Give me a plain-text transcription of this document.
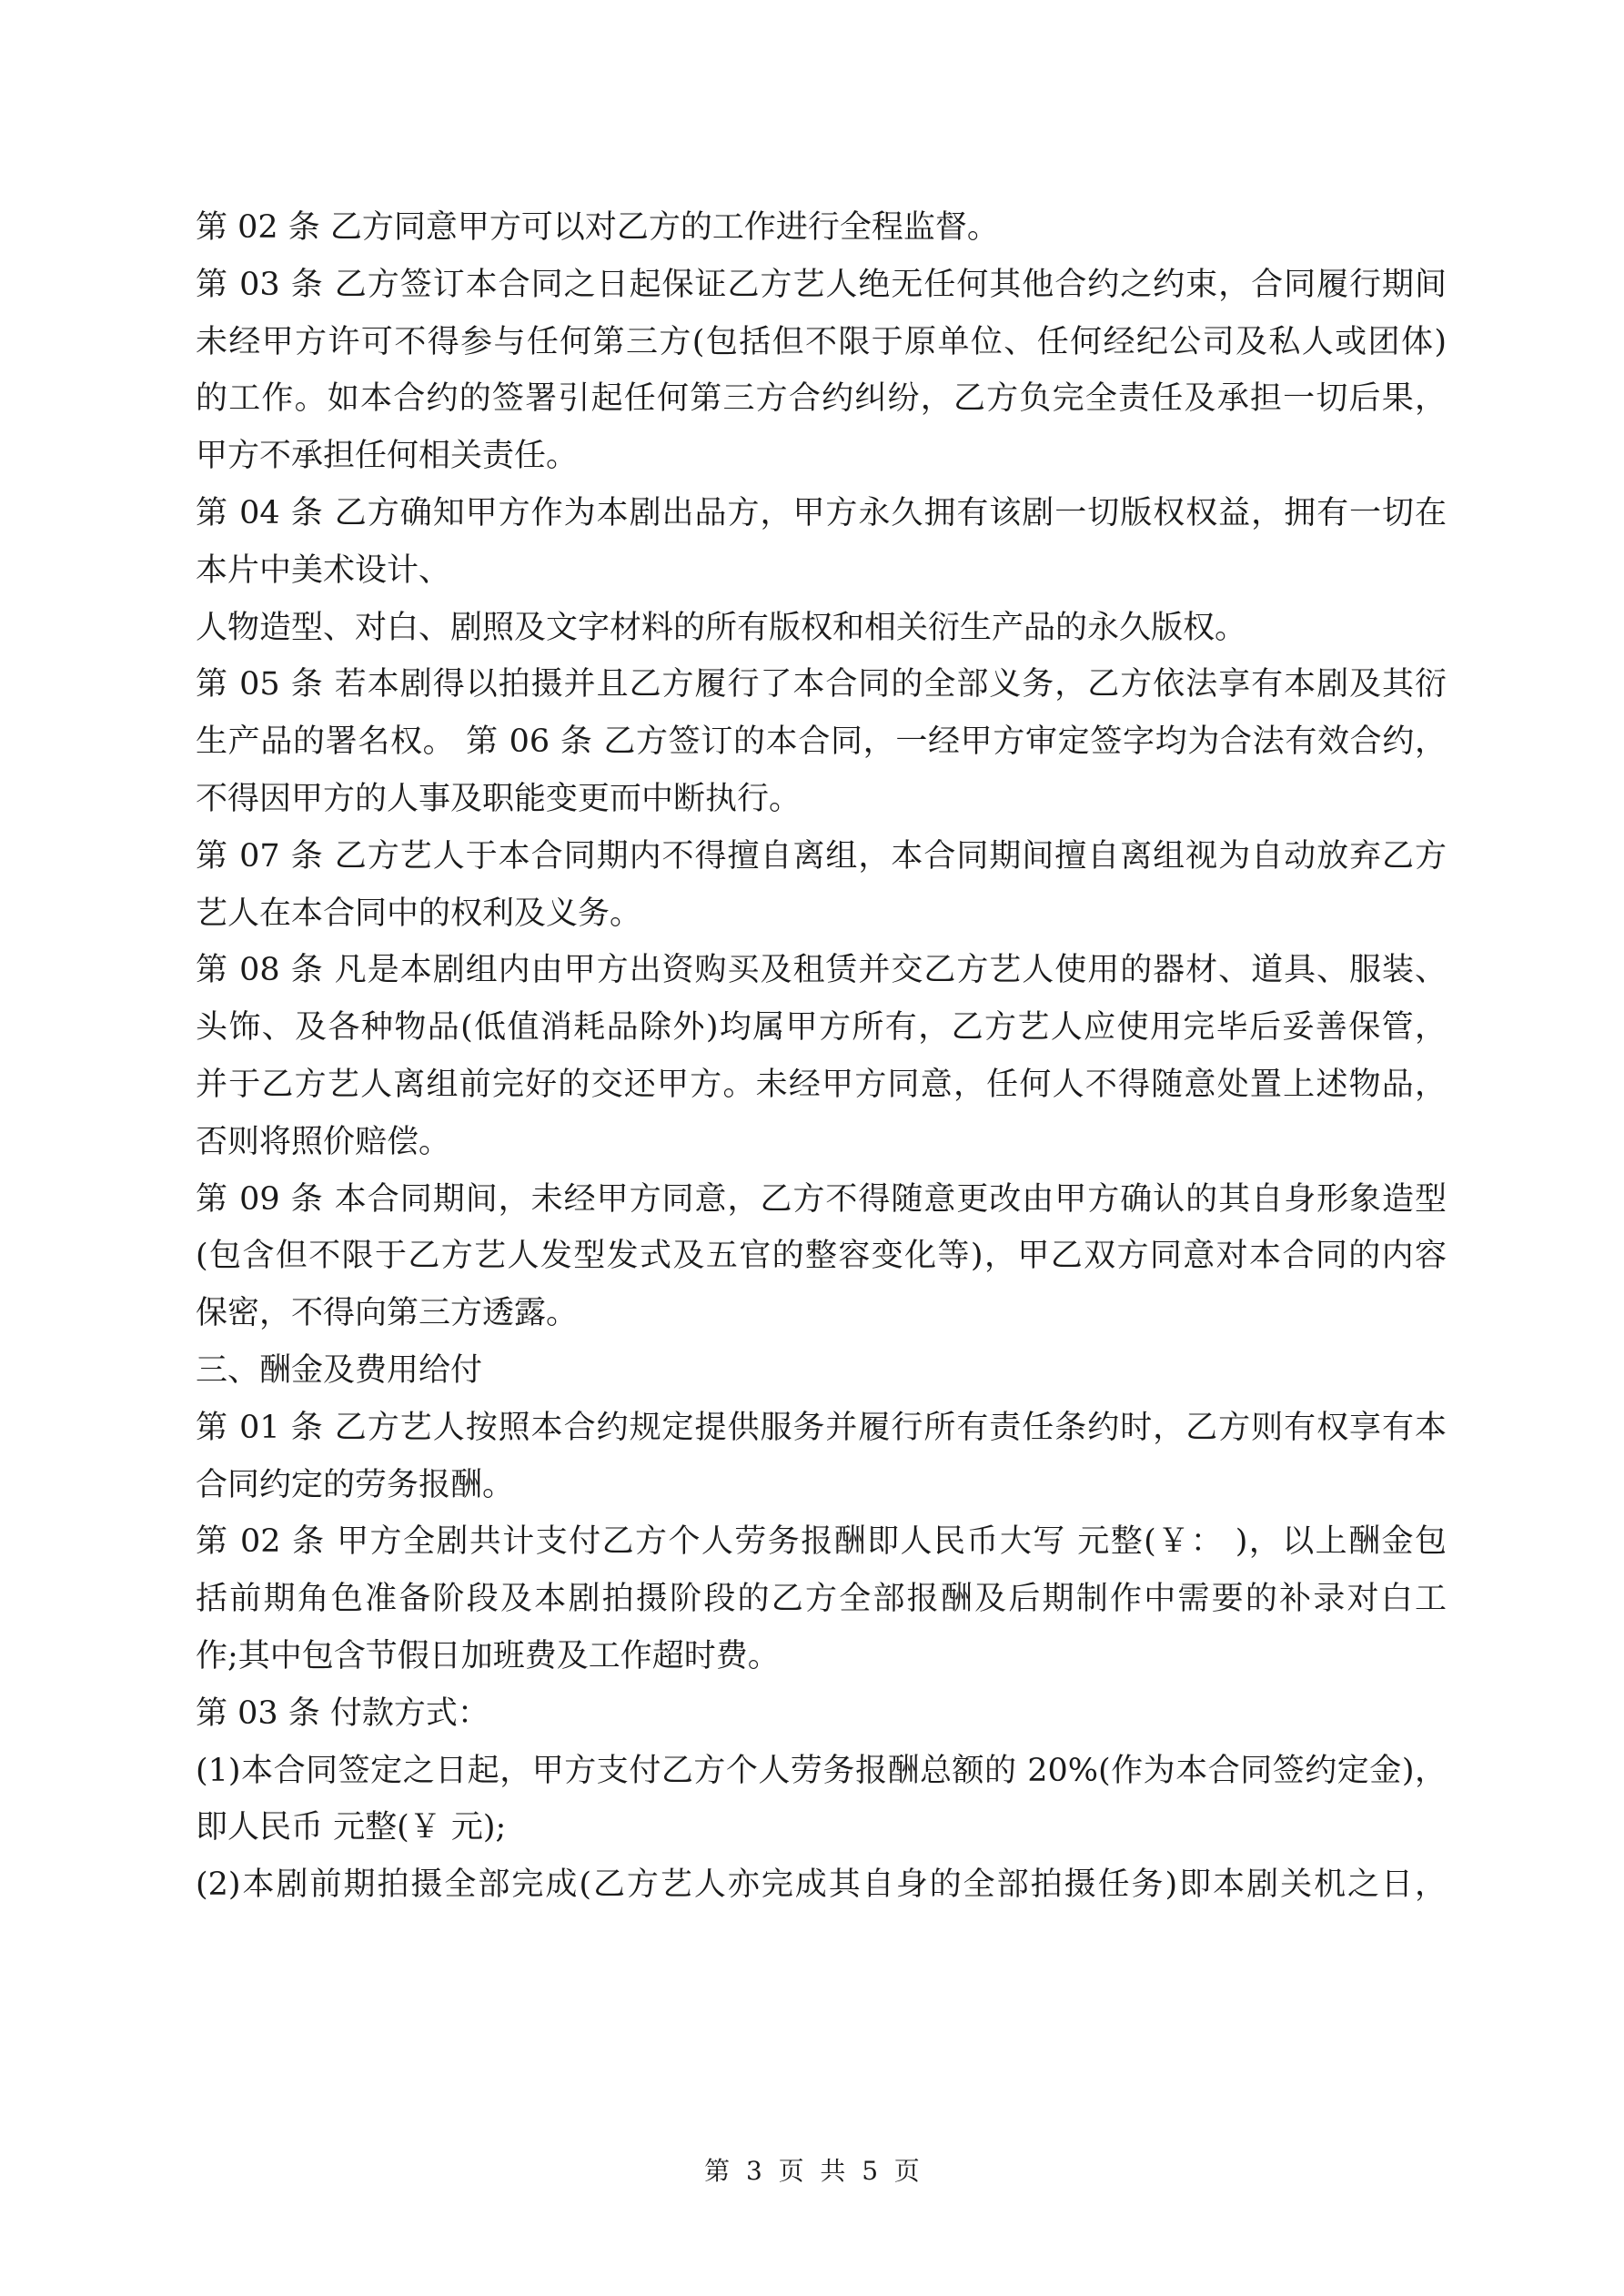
第 02 条 乙方同意甲方可以对乙方的工作进行全程监督。
第 03 条 乙方签订本合同之日起保证乙方艺人绝无任何其他合约之约束，合同履行期间
未经甲方许可不得参与任何第三方(包括但不限于原单位、任何经纪公司及私人或团体)
的工作。如本合约的签署引起任何第三方合约纠纷，乙方负完全责任及承担一切后果，
甲方不承担任何相关责任。
第 04 条 乙方确知甲方作为本剧出品方，甲方永久拥有该剧一切版权权益，拥有一切在
本片中美术设计、
人物造型、对白、剧照及文字材料的所有版权和相关衍生产品的永久版权。
第 05 条 若本剧得以拍摄并且乙方履行了本合同的全部义务，乙方依法享有本剧及其衍
生产品的署名权。 第 06 条 乙方签订的本合同，一经甲方审定签字均为合法有效合约，
不得因甲方的人事及职能变更而中断执行。
第 07 条 乙方艺人于本合同期内不得擅自离组，本合同期间擅自离组视为自动放弃乙方
艺人在本合同中的权利及义务。
第 08 条 凡是本剧组内由甲方出资购买及租赁并交乙方艺人使用的器材、道具、服装、
头饰、及各种物品(低值消耗品除外)均属甲方所有，乙方艺人应使用完毕后妥善保管，
并于乙方艺人离组前完好的交还甲方。未经甲方同意，任何人不得随意处置上述物品，
否则将照价赔偿。
第 09 条 本合同期间，未经甲方同意，乙方不得随意更改由甲方确认的其自身形象造型
(包含但不限于乙方艺人发型发式及五官的整容变化等)，甲乙双方同意对本合同的内容
保密，不得向第三方透露。
三、酬金及费用给付
第 01 条 乙方艺人按照本合约规定提供服务并履行所有责任条约时，乙方则有权享有本
合同约定的劳务报酬。
第 02 条 甲方全剧共计支付乙方个人劳务报酬即人民币大写 元整(￥： )，以上酬金包
括前期角色准备阶段及本剧拍摄阶段的乙方全部报酬及后期制作中需要的补录对白工
作;其中包含节假日加班费及工作超时费。
第 03 条 付款方式：
(1)本合同签定之日起，甲方支付乙方个人劳务报酬总额的 20%(作为本合同签约定金)，
即人民币 元整(￥ 元);
(2)本剧前期拍摄全部完成(乙方艺人亦完成其自身的全部拍摄任务)即本剧关机之日，
第  3  页  共  5  页
